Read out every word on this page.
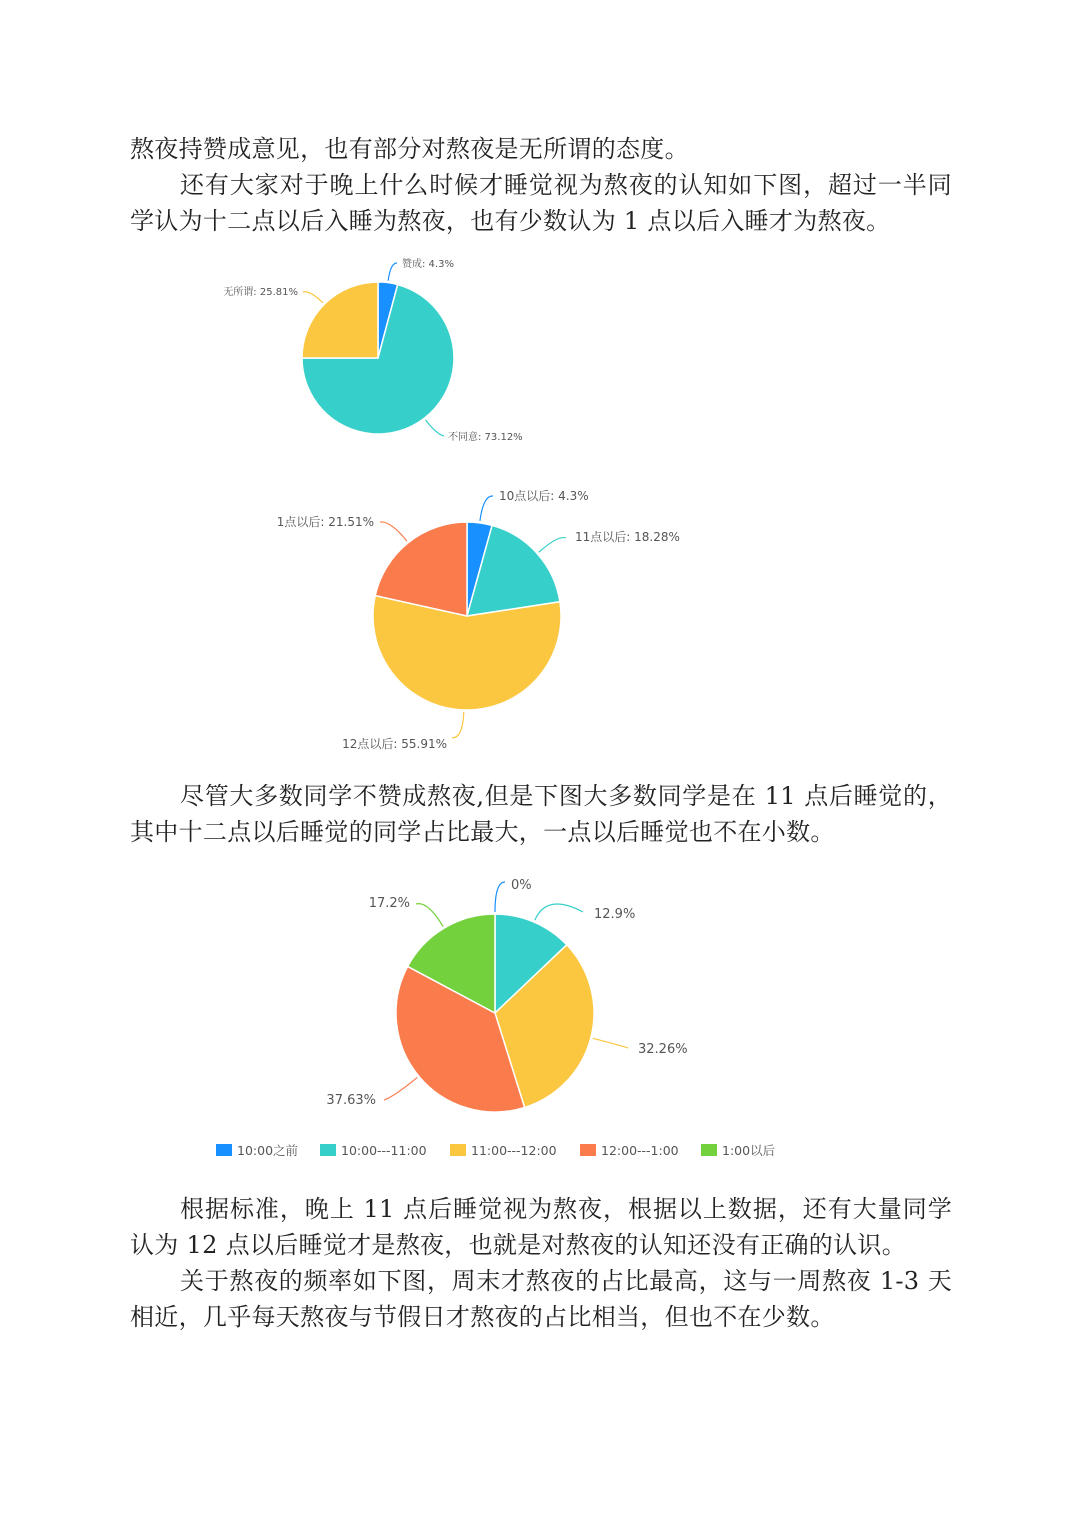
熬夜持赞成意见，也有部分对熬夜是无所谓的态度。

还有大家对于晚上什么时候才睡觉视为熬夜的认知如下图，超过一半同学认为十二点以后入睡为熬夜，也有少数认为 1 点以后入睡才为熬夜。

赞成: 4.3%
不同意: 73.12%
无所谓: 25.81%
10点以后: 4.3%
11点以后: 18.28%
12点以后: 55.91%
1点以后: 21.51%

尽管大多数同学不赞成熬夜,但是下图大多数同学是在 11 点后睡觉的，其中十二点以后睡觉的同学占比最大，一点以后睡觉也不在小数。

0%
12.9%
32.26%
37.63%
17.2%
10:00之前	10:00---11:00	11:00---12:00	12:00---1:00	1:00以后

根据标准，晚上 11 点后睡觉视为熬夜，根据以上数据，还有大量同学认为 12 点以后睡觉才是熬夜，也就是对熬夜的认知还没有正确的认识。

关于熬夜的频率如下图，周末才熬夜的占比最高，这与一周熬夜 1-3 天相近，几乎每天熬夜与节假日才熬夜的占比相当，但也不在少数。
